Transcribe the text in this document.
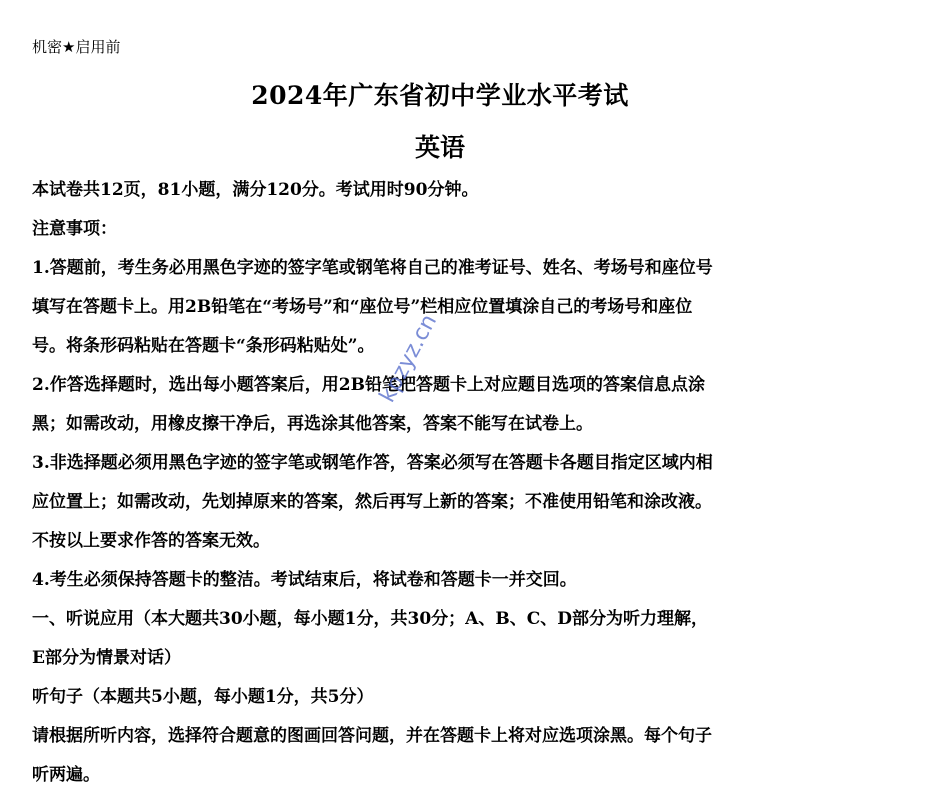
机密★启用前
2024年广东省初中学业水平考试
英语
本试卷共12页，81小题，满分120分。考试用时90分钟。
注意事项：
1.答题前，考生务必用黑色字迹的签字笔或钢笔将自己的准考证号、姓名、考场号和座位号
填写在答题卡上。用2B铅笔在“考场号”和“座位号”栏相应位置填涂自己的考场号和座位
号。将条形码粘贴在答题卡“条形码粘贴处”。
2.作答选择题时，选出每小题答案后，用2B铅笔把答题卡上对应题目选项的答案信息点涂
黑；如需改动，用橡皮擦干净后，再选涂其他答案，答案不能写在试卷上。
3.非选择题必须用黑色字迹的签字笔或钢笔作答，答案必须写在答题卡各题目指定区域内相
应位置上；如需改动，先划掉原来的答案，然后再写上新的答案；不准使用铅笔和涂改液。
不按以上要求作答的答案无效。
4.考生必须保持答题卡的整洁。考试结束后，将试卷和答题卡一并交回。
一、听说应用（本大题共30小题，每小题1分，共30分；A、B、C、D部分为听力理解，
E部分为情景对话）
听句子（本题共5小题，每小题1分，共5分）
请根据所听内容，选择符合题意的图画回答问题，并在答题卡上将对应选项涂黑。每个句子
听两遍。
kpzyz.cn
